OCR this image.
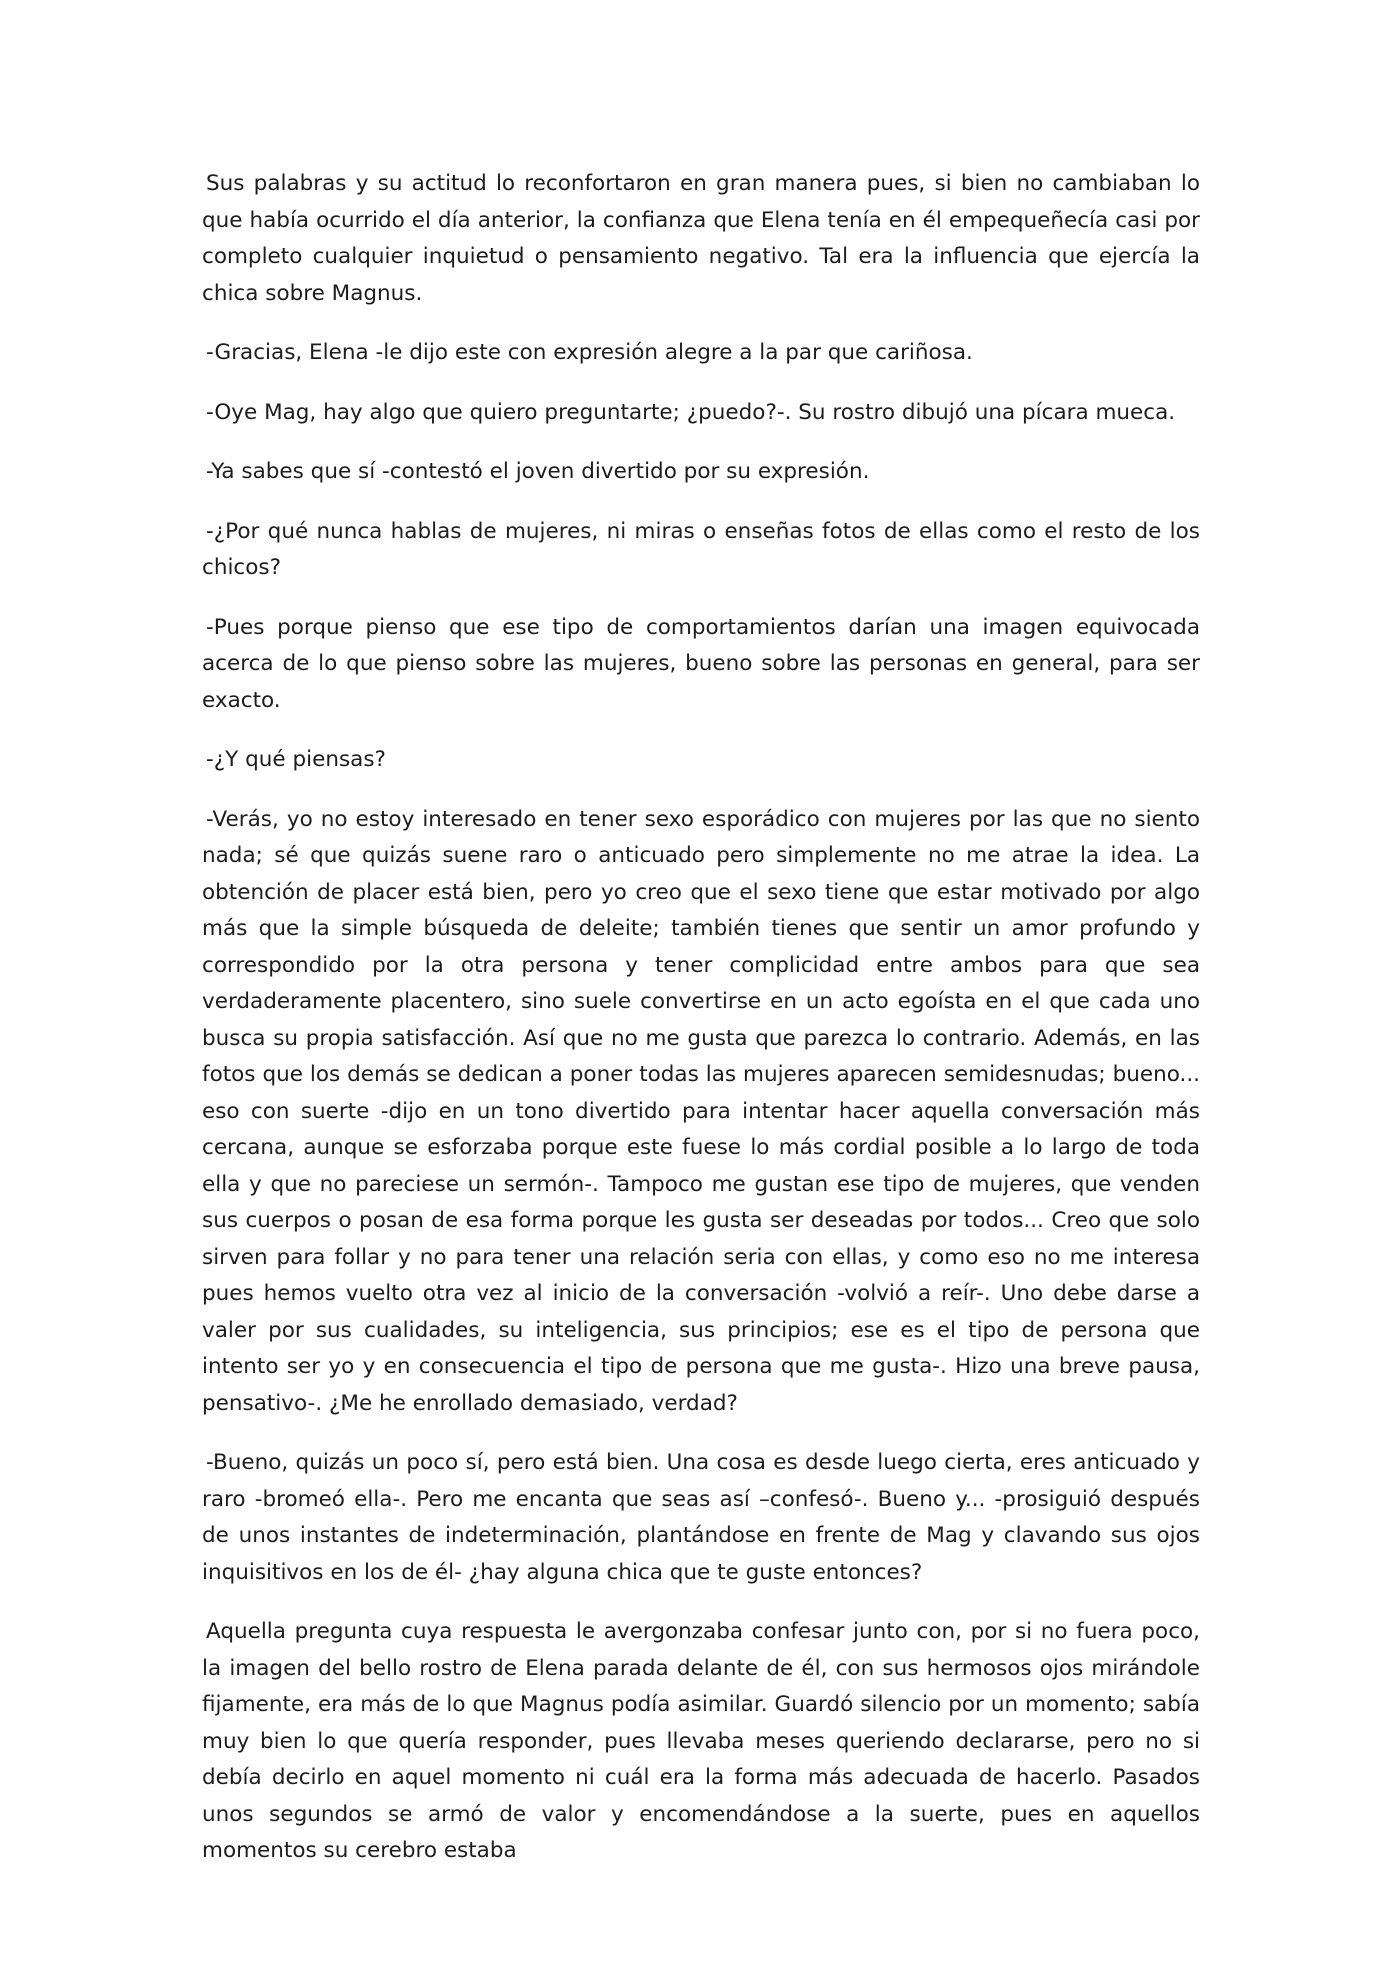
Sus palabras y su actitud lo reconfortaron en gran manera pues, si bien no cambiaban lo que había ocurrido el día anterior, la confianza que Elena tenía en él empequeñecía casi por completo cualquier inquietud o pensamiento negativo. Tal era la influencia que ejercía la chica sobre Magnus.

-Gracias, Elena -le dijo este con expresión alegre a la par que cariñosa.

-Oye Mag, hay algo que quiero preguntarte; ¿puedo?-. Su rostro dibujó una pícara mueca.

-Ya sabes que sí -contestó el joven divertido por su expresión.

-¿Por qué nunca hablas de mujeres, ni miras o enseñas fotos de ellas como el resto de los chicos?

-Pues porque pienso que ese tipo de comportamientos darían una imagen equivocada acerca de lo que pienso sobre las mujeres, bueno sobre las personas en general, para ser exacto.

-¿Y qué piensas?

-Verás, yo no estoy interesado en tener sexo esporádico con mujeres por las que no siento nada; sé que quizás suene raro o anticuado pero simplemente no me atrae la idea. La obtención de placer está bien, pero yo creo que el sexo tiene que estar motivado por algo más que la simple búsqueda de deleite; también tienes que sentir un amor profundo y correspondido por la otra persona y tener complicidad entre ambos para que sea verdaderamente placentero, sino suele convertirse en un acto egoísta en el que cada uno busca su propia satisfacción. Así que no me gusta que parezca lo contrario. Además, en las fotos que los demás se dedican a poner todas las mujeres aparecen semidesnudas; bueno... eso con suerte -dijo en un tono divertido para intentar hacer aquella conversación más cercana, aunque se esforzaba porque este fuese lo más cordial posible a lo largo de toda ella y que no pareciese un sermón-. Tampoco me gustan ese tipo de mujeres, que venden sus cuerpos o posan de esa forma porque les gusta ser deseadas por todos... Creo que solo sirven para follar y no para tener una relación seria con ellas, y como eso no me interesa pues hemos vuelto otra vez al inicio de la conversación -volvió a reír-. Uno debe darse a valer por sus cualidades, su inteligencia, sus principios; ese es el tipo de persona que intento ser yo y en consecuencia el tipo de persona que me gusta-. Hizo una breve pausa, pensativo-. ¿Me he enrollado demasiado, verdad?

-Bueno, quizás un poco sí, pero está bien. Una cosa es desde luego cierta, eres anticuado y raro -bromeó ella-. Pero me encanta que seas así –confesó-. Bueno y... -prosiguió después de unos instantes de indeterminación, plantándose en frente de Mag y clavando sus ojos inquisitivos en los de él- ¿hay alguna chica que te guste entonces?

Aquella pregunta cuya respuesta le avergonzaba confesar junto con, por si no fuera poco, la imagen del bello rostro de Elena parada delante de él, con sus hermosos ojos mirándole fijamente, era más de lo que Magnus podía asimilar. Guardó silencio por un momento; sabía muy bien lo que quería responder, pues llevaba meses queriendo declararse, pero no si debía decirlo en aquel momento ni cuál era la forma más adecuada de hacerlo. Pasados unos segundos se armó de valor y encomendándose a la suerte, pues en aquellos momentos su cerebro estaba
